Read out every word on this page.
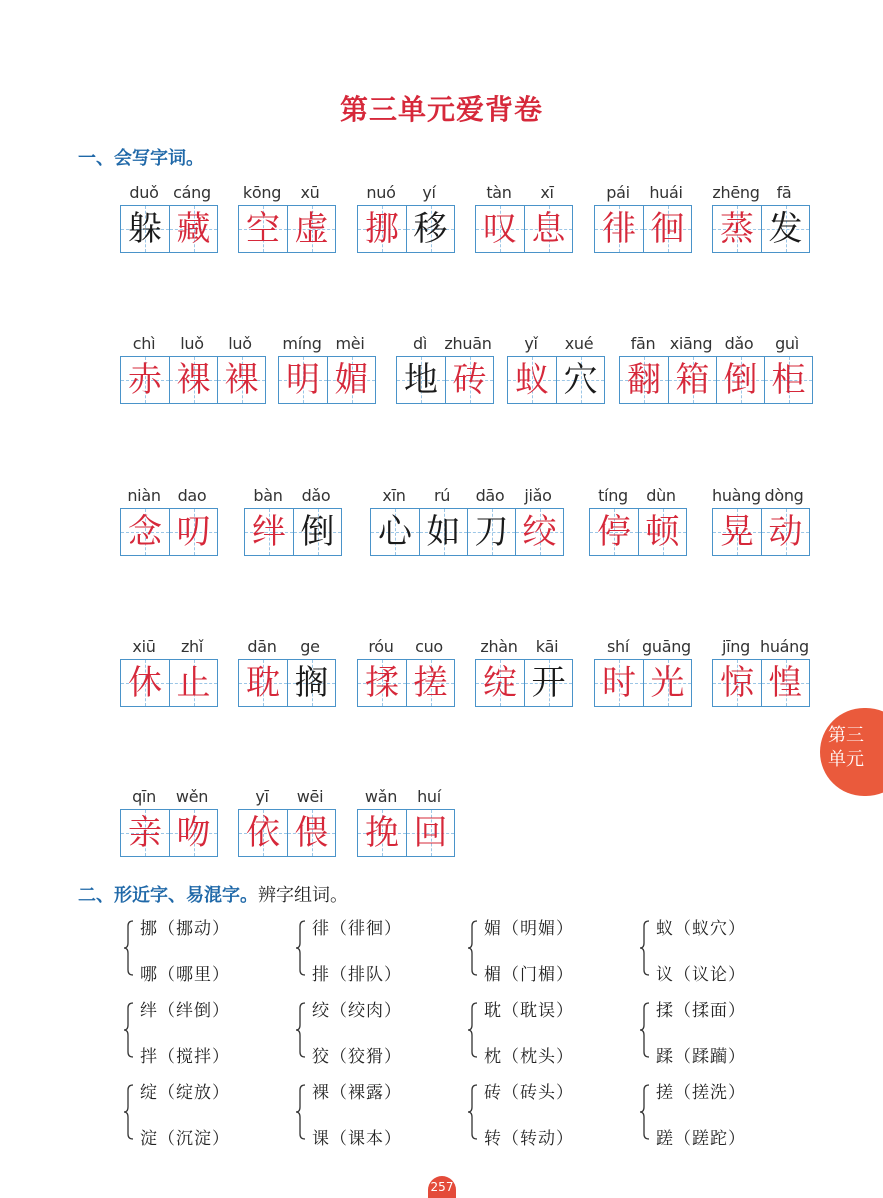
第三单元爱背卷
一、会写字词。
duǒ cáng
躲 藏
kōng	xū
空 虚
nuó	yí
挪 移
tàn	xī
叹 息
pái	huái
徘 徊
zhēng	fā
蒸 发
chì	luǒ	luǒ
赤 裸 裸
míng mèi
明 媚
dì	zhuān
地 砖
yǐ	xué
蚁 穴
fān xiāng dǎo	guì
翻 箱 倒 柜
niàn	dao
念 叨
bàn	dǎo
绊 倒
xīn	rú	dāo	jiǎo
心 如 刀 绞
tíng	dùn
停 顿
huàng dòng
晃 动
xiū	zhǐ
休 止
dān	ge
耽 搁
róu	cuo
揉 搓
zhàn	kāi
绽 开
shí guāng
时 光
jīng huáng
惊 惶
qīn	wěn
亲 吻
yī	wēi
依 偎
wǎn	huí
挽 回
第三
单元
二、形近字、易混字。辨字组词。
挪（挪动）
哪（哪里）
徘（徘徊）
排（排队）
媚（明媚）
楣（门楣）
蚁（蚁穴）
议（议论）
绊（绊倒）
拌（搅拌）
绞（绞肉）
狡（狡猾）
耽（耽误）
枕（枕头）
揉（揉面）
蹂（蹂躏）
绽（绽放）
淀（沉淀）
裸（裸露）
课（课本）
砖（砖头）
转（转动）
搓（搓洗）
蹉（蹉跎）
257
